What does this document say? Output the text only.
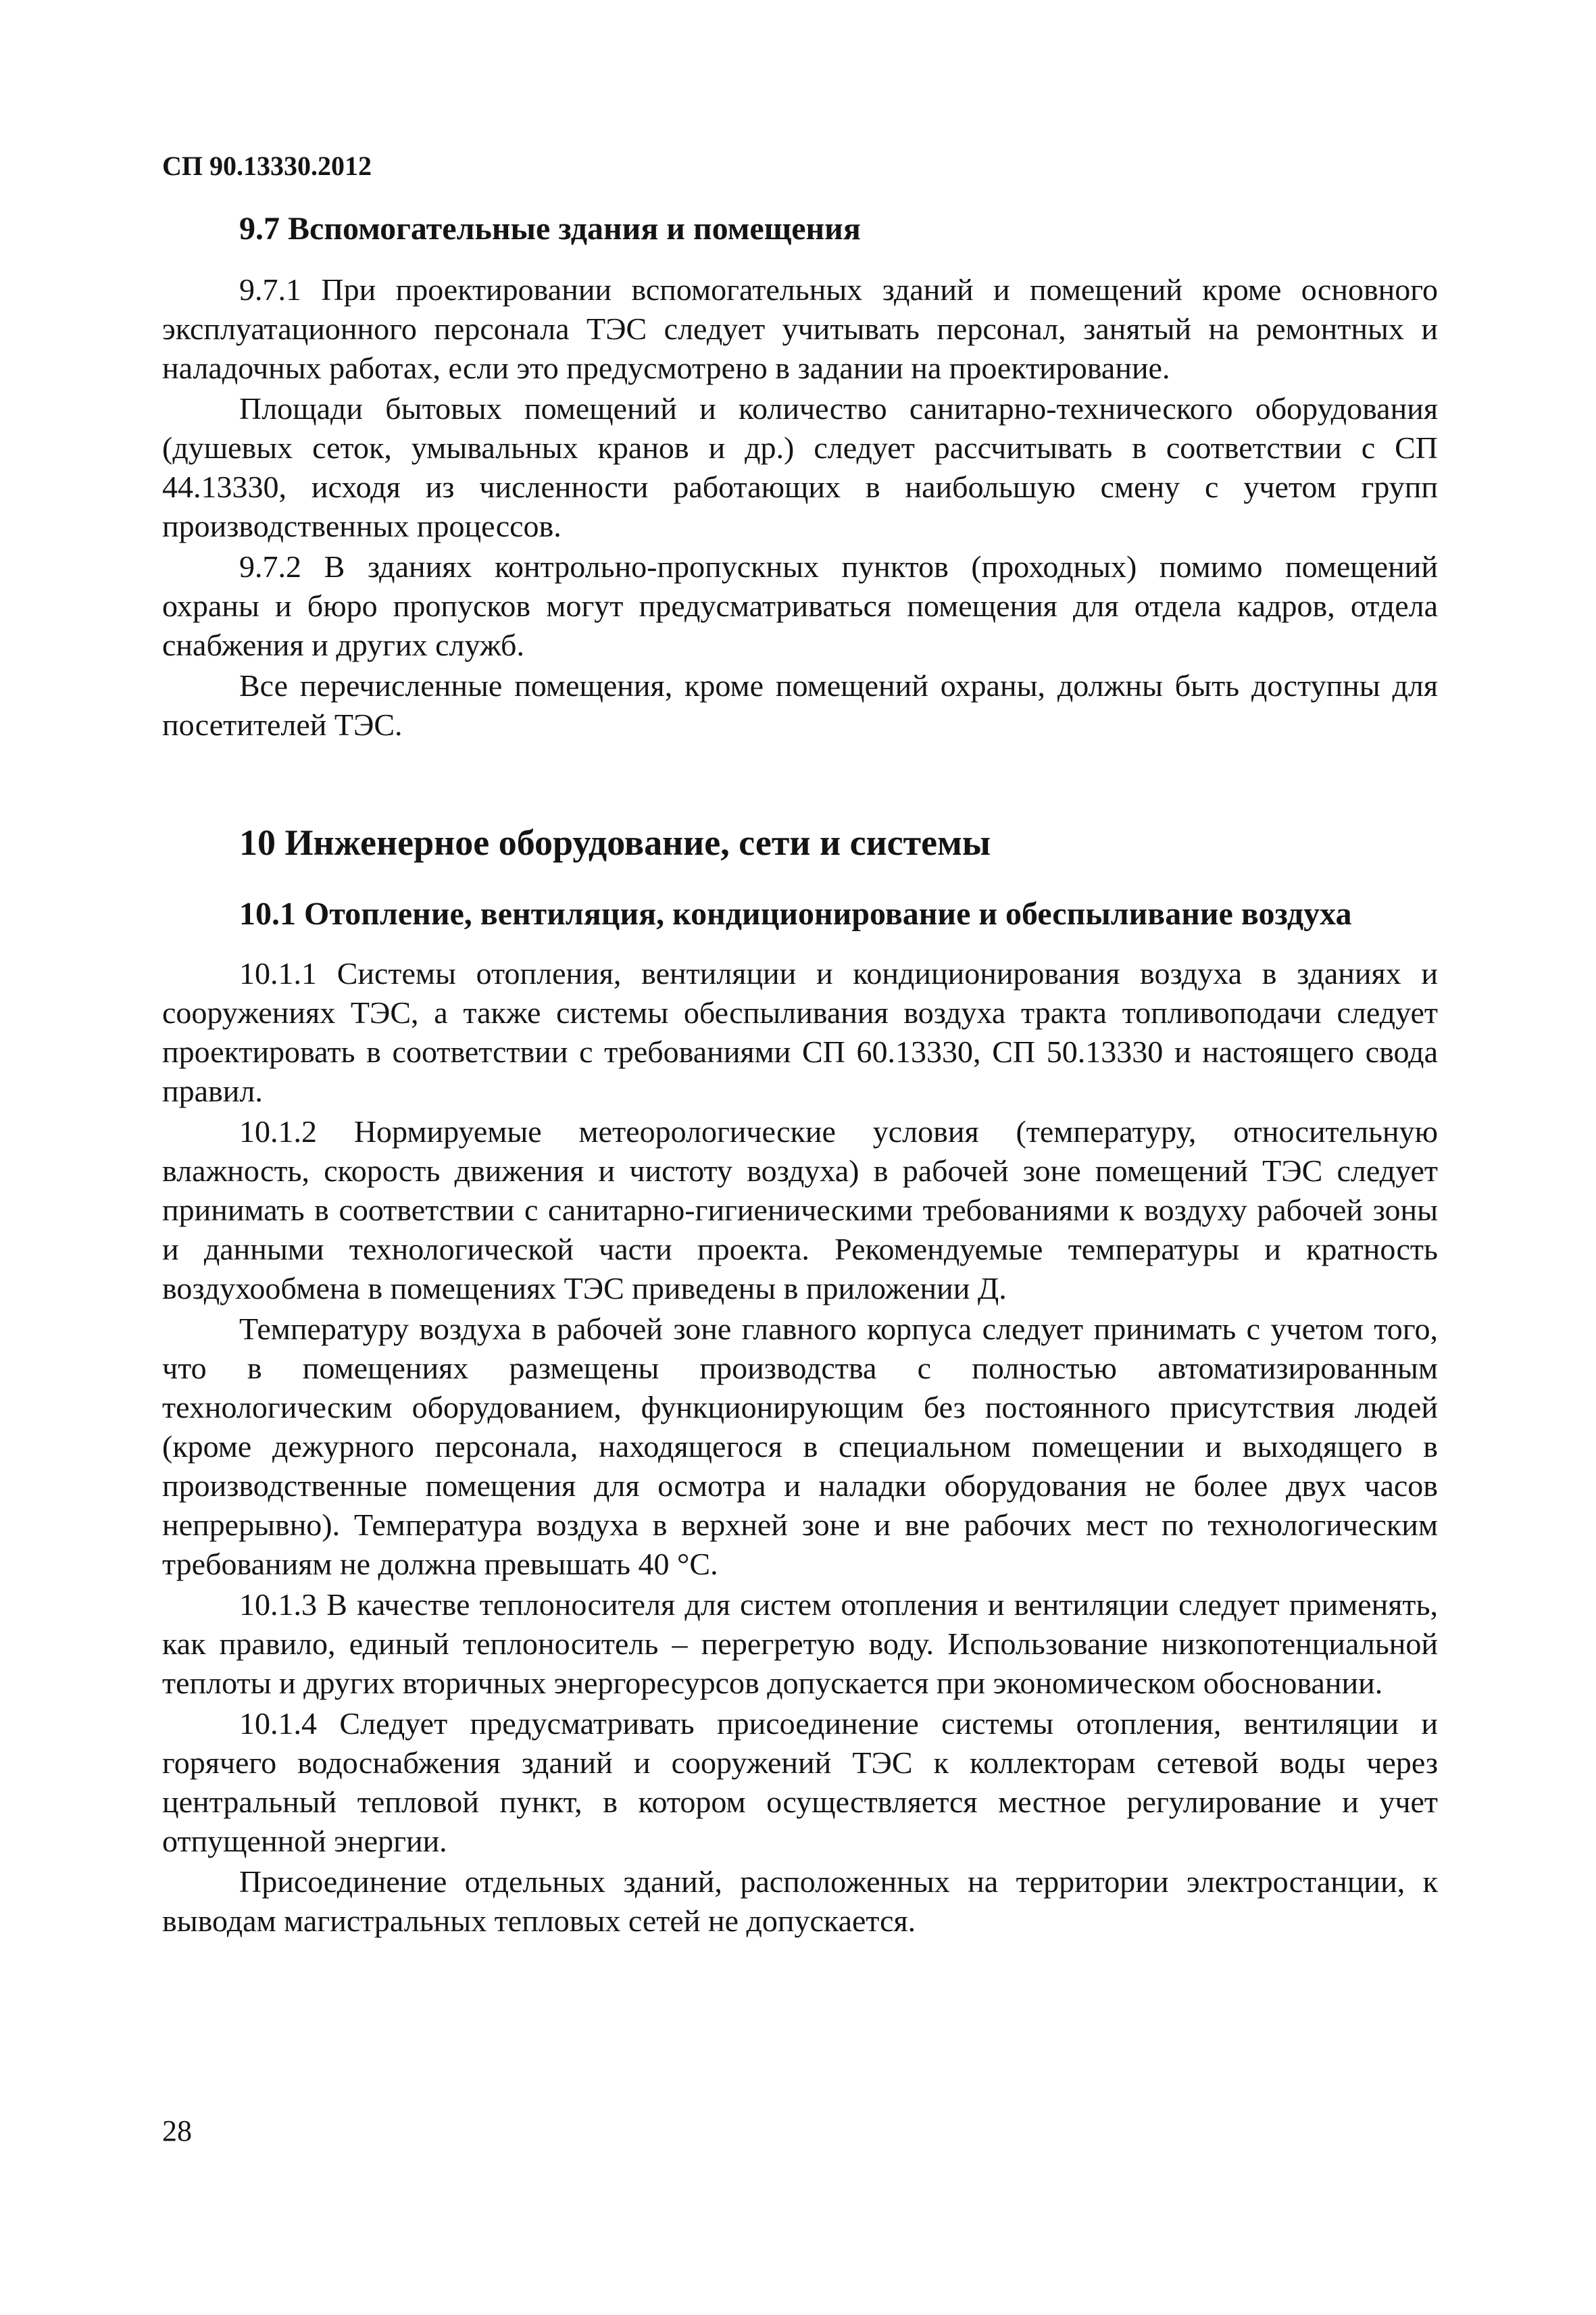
СП 90.13330.2012
9.7 Вспомогательные здания и помещения

9.7.1 При проектировании вспомогательных зданий и помещений кроме основного эксплуатационного персонала ТЭС следует учитывать персонал, занятый на ремонтных и наладочных работах, если это предусмотрено в задании на проектирование.

Площади бытовых помещений и количество санитарно-технического оборудования (душевых сеток, умывальных кранов и др.) следует рассчитывать в соответствии с СП 44.13330, исходя из численности работающих в наибольшую смену с учетом групп производственных процессов.

9.7.2 В зданиях контрольно-пропускных пунктов (проходных) помимо помещений охраны и бюро пропусков могут предусматриваться помещения для отдела кадров, отдела снабжения и других служб.

Все перечисленные помещения, кроме помещений охраны, должны быть доступны для посетителей ТЭС.

10 Инженерное оборудование, сети и системы
10.1 Отопление, вентиляция, кондиционирование и обеспыливание воздуха

10.1.1 Системы отопления, вентиляции и кондиционирования воздуха в зданиях и сооружениях ТЭС, а также системы обеспыливания воздуха тракта топливоподачи следует проектировать в соответствии с требованиями СП 60.13330, СП 50.13330 и настоящего свода правил.

10.1.2 Нормируемые метеорологические условия (температуру, относительную влажность, скорость движения и чистоту воздуха) в рабочей зоне помещений ТЭС следует принимать в соответствии с санитарно-гигиеническими требованиями к воздуху рабочей зоны и данными технологической части проекта. Рекомендуемые температуры и кратность воздухообмена в помещениях ТЭС приведены в приложении Д.

Температуру воздуха в рабочей зоне главного корпуса следует принимать с учетом того, что в помещениях размещены производства с полностью автоматизированным технологическим оборудованием, функционирующим без постоянного присутствия людей (кроме дежурного персонала, находящегося в специальном помещении и выходящего в производственные помещения для осмотра и наладки оборудования не более двух часов непрерывно). Температура воздуха в верхней зоне и вне рабочих мест по технологическим требованиям не должна превышать 40 °С.

10.1.3 В качестве теплоносителя для систем отопления и вентиляции следует применять, как правило, единый теплоноситель – перегретую воду. Использование низкопотенциальной теплоты и других вторичных энергоресурсов допускается при экономическом обосновании.

10.1.4 Следует предусматривать присоединение системы отопления, вентиляции и горячего водоснабжения зданий и сооружений ТЭС к коллекторам сетевой воды через центральный тепловой пункт, в котором осуществляется местное регулирование и учет отпущенной энергии.

Присоединение отдельных зданий, расположенных на территории электростанции, к выводам магистральных тепловых сетей не допускается.

28
